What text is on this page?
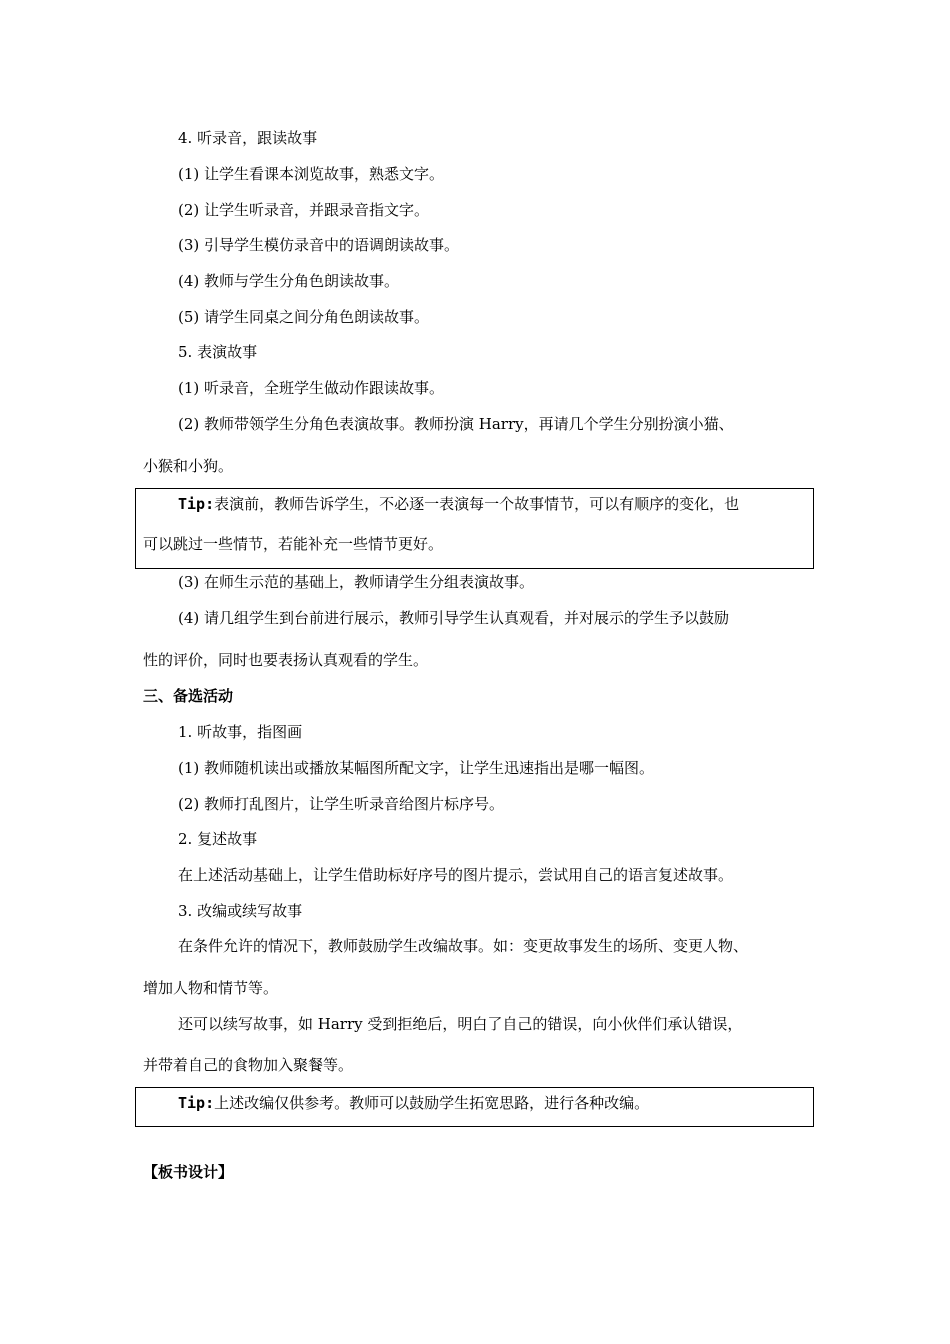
4. 听录音，跟读故事
(1) 让学生看课本浏览故事，熟悉文字。
(2) 让学生听录音，并跟录音指文字。
(3) 引导学生模仿录音中的语调朗读故事。
(4) 教师与学生分角色朗读故事。
(5) 请学生同桌之间分角色朗读故事。
5. 表演故事
(1) 听录音，全班学生做动作跟读故事。
(2) 教师带领学生分角色表演故事。教师扮演 Harry，再请几个学生分别扮演小猫、
小猴和小狗。
Tip:表演前，教师告诉学生，不必逐一表演每一个故事情节，可以有顺序的变化，也
可以跳过一些情节，若能补充一些情节更好。
(3) 在师生示范的基础上，教师请学生分组表演故事。
(4) 请几组学生到台前进行展示，教师引导学生认真观看，并对展示的学生予以鼓励
性的评价，同时也要表扬认真观看的学生。
三、备选活动
1. 听故事，指图画
(1) 教师随机读出或播放某幅图所配文字，让学生迅速指出是哪一幅图。
(2) 教师打乱图片，让学生听录音给图片标序号。
2. 复述故事
在上述活动基础上，让学生借助标好序号的图片提示，尝试用自己的语言复述故事。
3. 改编或续写故事
在条件允许的情况下，教师鼓励学生改编故事。如：变更故事发生的场所、变更人物、
增加人物和情节等。
还可以续写故事，如 Harry 受到拒绝后，明白了自己的错误，向小伙伴们承认错误，
并带着自己的食物加入聚餐等。
Tip:上述改编仅供参考。教师可以鼓励学生拓宽思路，进行各种改编。
【板书设计】
